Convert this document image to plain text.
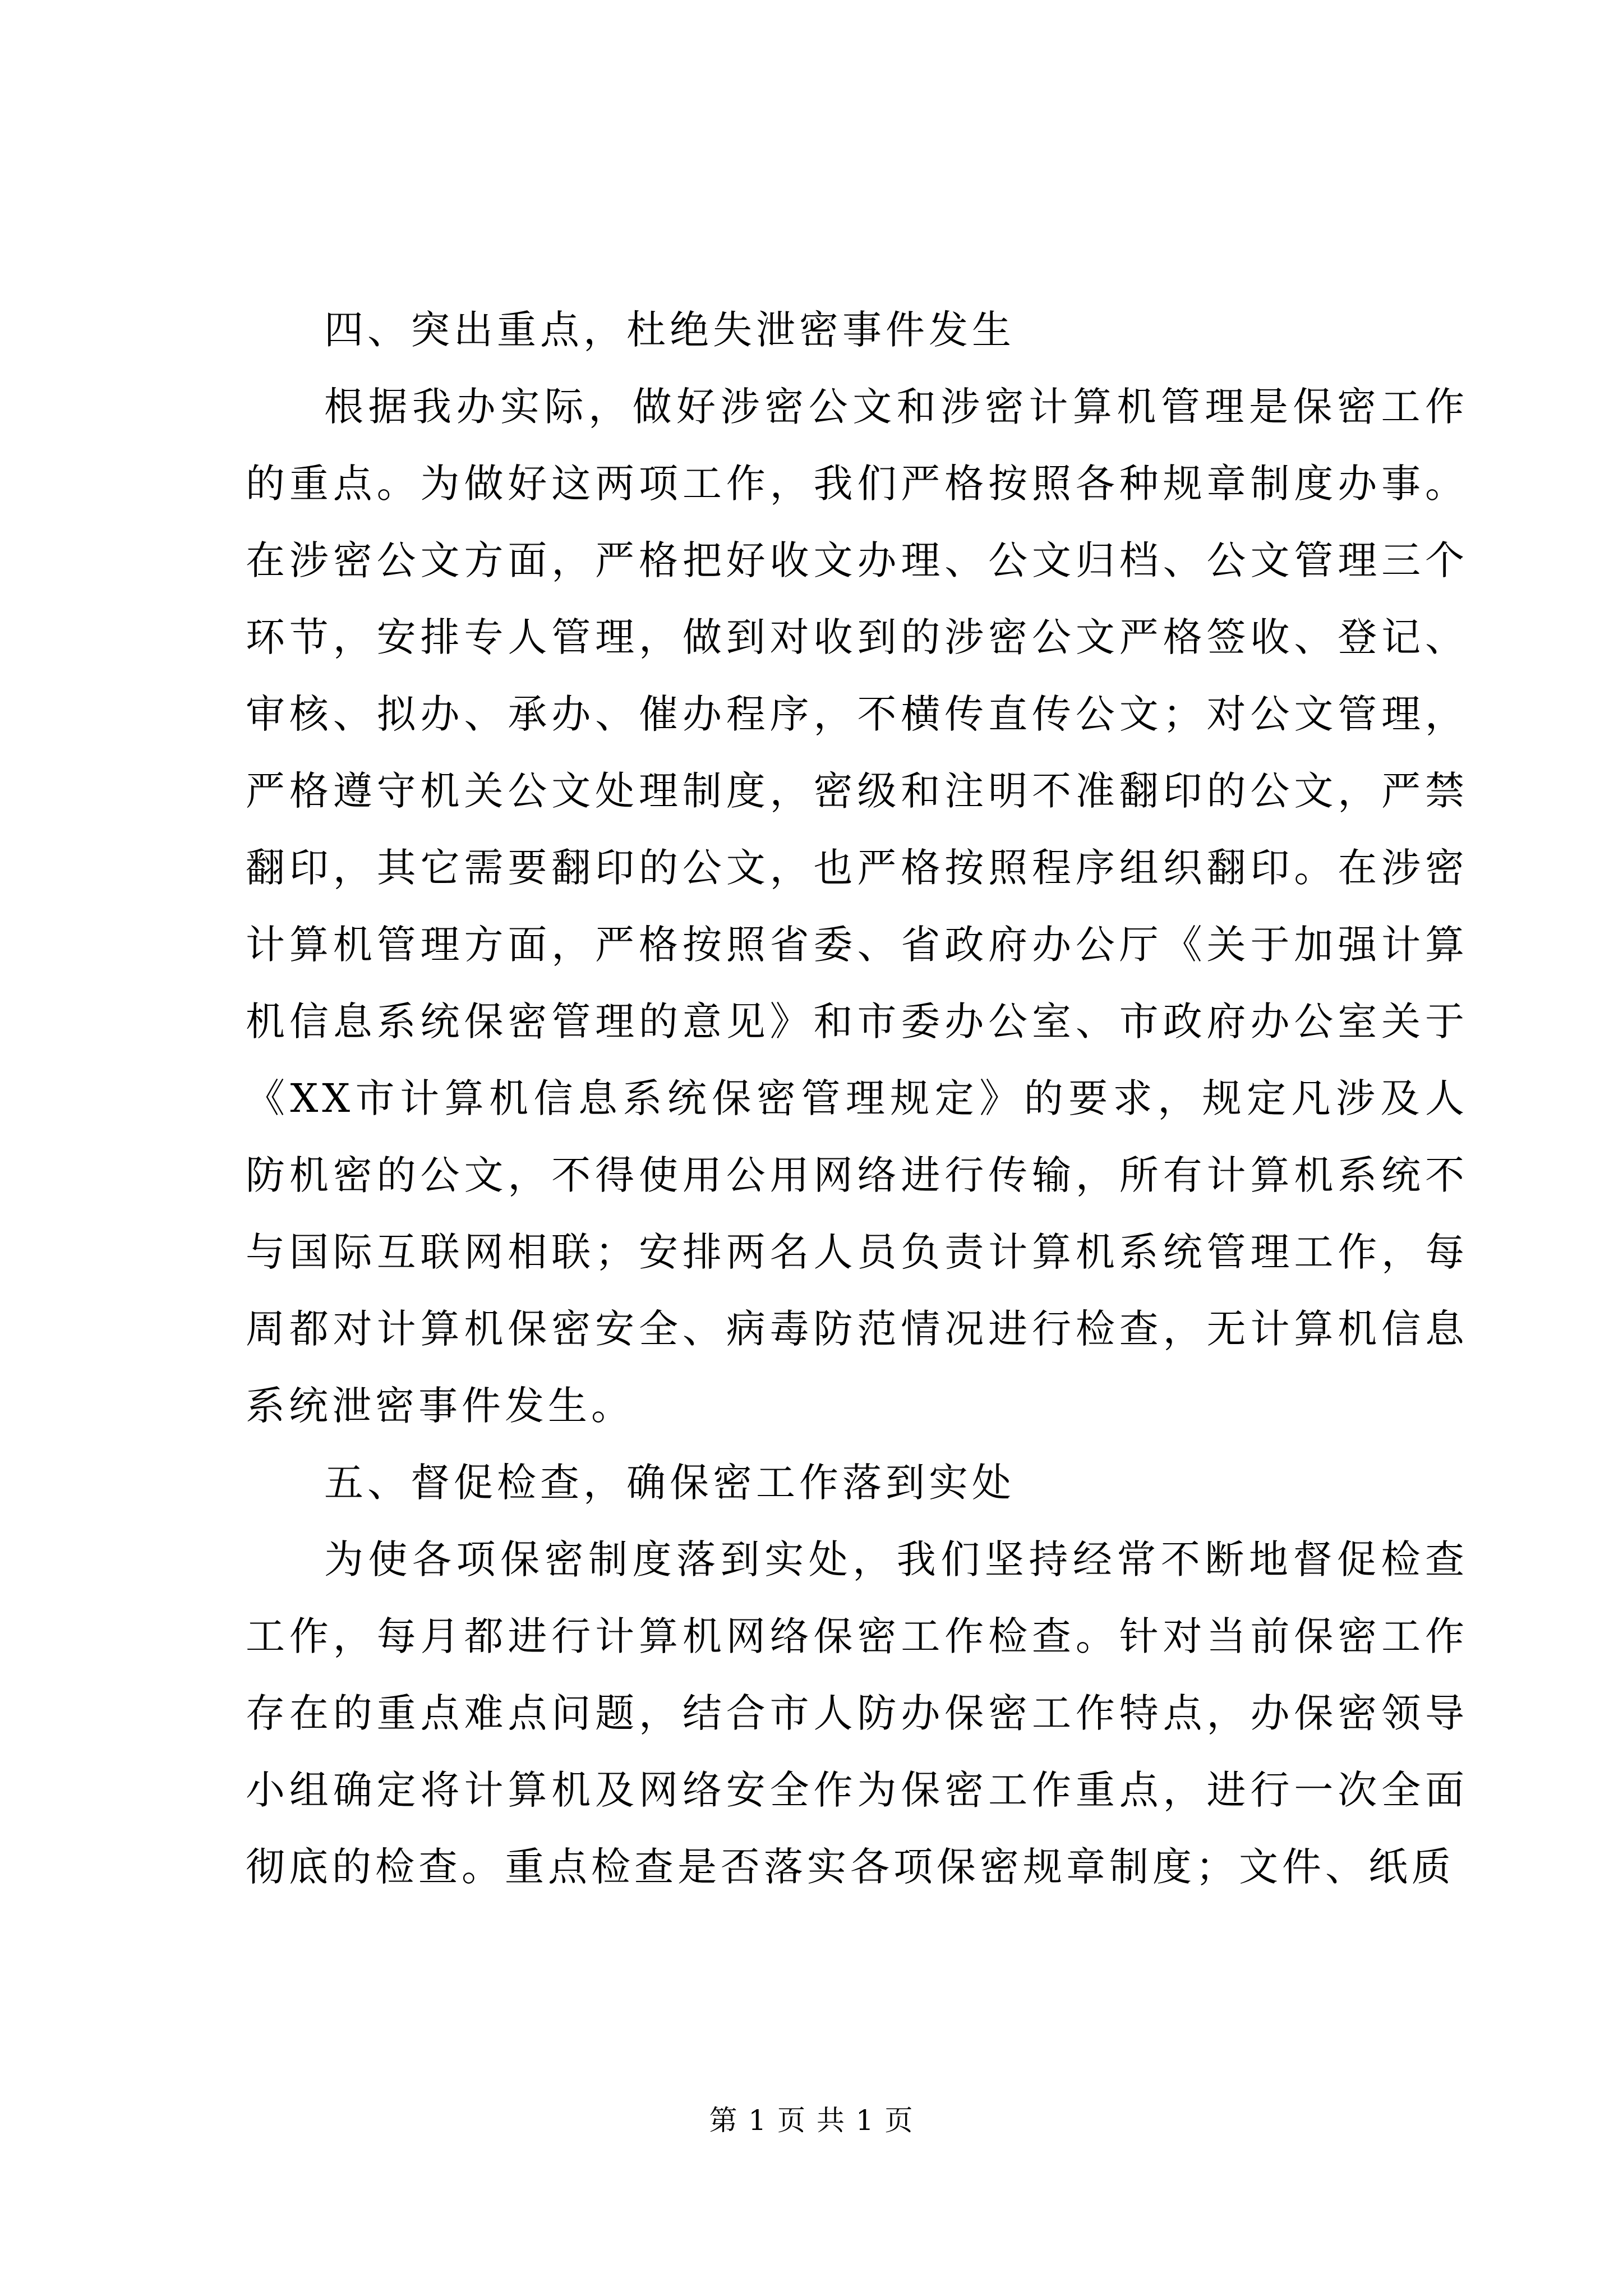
四、突出重点，杜绝失泄密事件发生

根据我办实际，做好涉密公文和涉密计算机管理是保密工作的重点。为做好这两项工作，我们严格按照各种规章制度办事。在涉密公文方面，严格把好收文办理、公文归档、公文管理三个环节，安排专人管理，做到对收到的涉密公文严格签收、登记、审核、拟办、承办、催办程序，不横传直传公文；对公文管理，严格遵守机关公文处理制度，密级和注明不准翻印的公文，严禁翻印，其它需要翻印的公文，也严格按照程序组织翻印。在涉密计算机管理方面，严格按照省委、省政府办公厅《关于加强计算机信息系统保密管理的意见》和市委办公室、市政府办公室关于《XX市计算机信息系统保密管理规定》的要求，规定凡涉及人防机密的公文，不得使用公用网络进行传输，所有计算机系统不与国际互联网相联；安排两名人员负责计算机系统管理工作，每周都对计算机保密安全、病毒防范情况进行检查，无计算机信息系统泄密事件发生。

五、督促检查，确保密工作落到实处

为使各项保密制度落到实处，我们坚持经常不断地督促检查工作，每月都进行计算机网络保密工作检查。针对当前保密工作存在的重点难点问题，结合市人防办保密工作特点，办保密领导小组确定将计算机及网络安全作为保密工作重点，进行一次全面彻底的检查。重点检查是否落实各项保密规章制度；文件、纸质

第 1 页 共 1 页
